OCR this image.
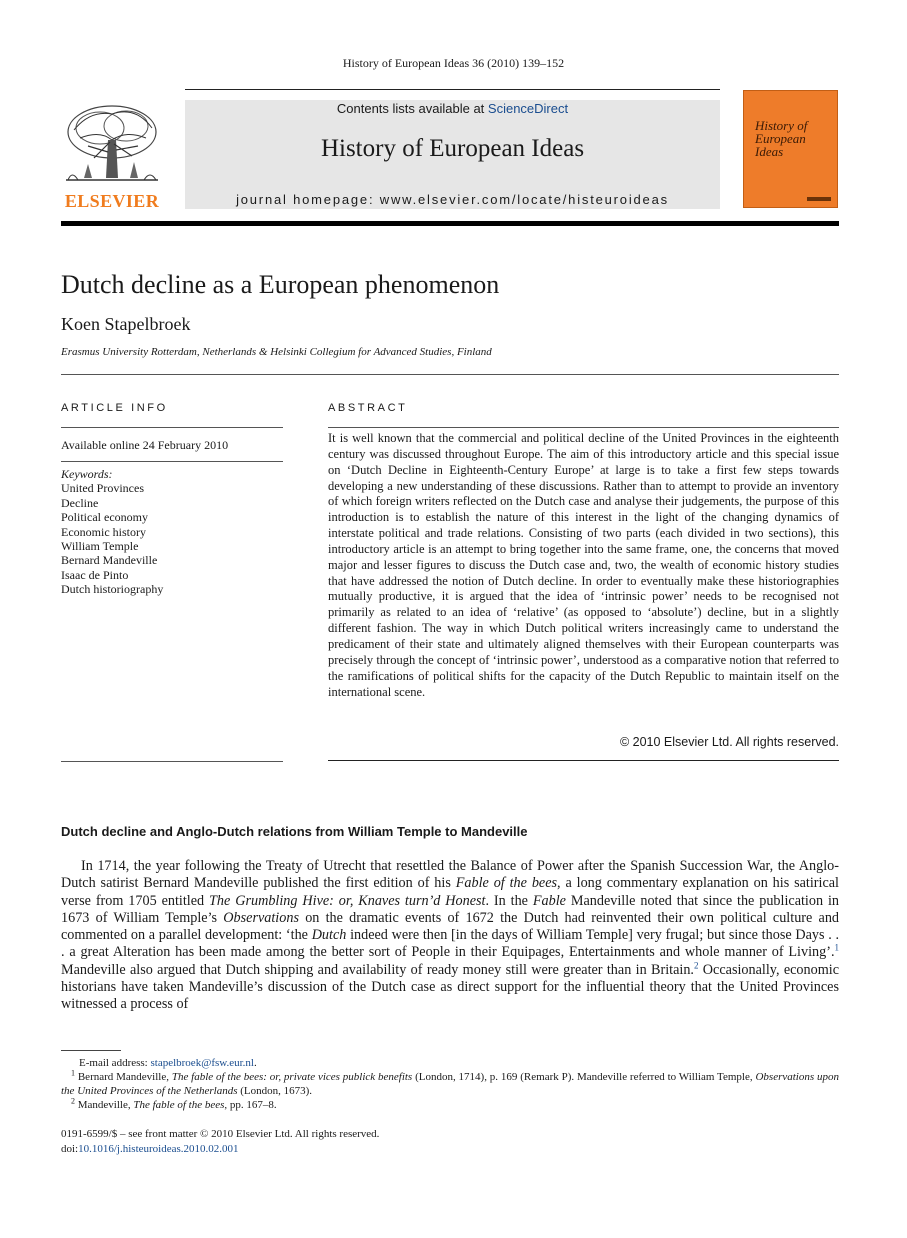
History of European Ideas 36 (2010) 139–152
ELSEVIER
Contents lists available at ScienceDirect
History of European Ideas
journal homepage: www.elsevier.com/locate/histeuroideas
History of
European
Ideas
Dutch decline as a European phenomenon
Koen Stapelbroek
Erasmus University Rotterdam, Netherlands & Helsinki Collegium for Advanced Studies, Finland
ARTICLE INFO
Available online 24 February 2010
Keywords:
United Provinces
Decline
Political economy
Economic history
William Temple
Bernard Mandeville
Isaac de Pinto
Dutch historiography
ABSTRACT
It is well known that the commercial and political decline of the United Provinces in the eighteenth century was discussed throughout Europe. The aim of this introductory article and this special issue on ‘Dutch Decline in Eighteenth-Century Europe’ at large is to take a first few steps towards developing a new understanding of these discussions. Rather than to attempt to provide an inventory of which foreign writers reflected on the Dutch case and analyse their judgements, the purpose of this introduction is to establish the nature of this interest in the light of the changing dynamics of interstate political and trade relations. Consisting of two parts (each divided in two sections), this introductory article is an attempt to bring together into the same frame, one, the concerns that moved major and lesser figures to discuss the Dutch case and, two, the wealth of economic history studies that have addressed the notion of Dutch decline. In order to eventually make these historiographies mutually productive, it is argued that the idea of ‘intrinsic power’ needs to be recognised not primarily as related to an idea of ‘relative’ (as opposed to ‘absolute’) decline, but in a slightly different fashion. The way in which Dutch political writers increasingly came to understand the predicament of their state and ultimately aligned themselves with their European counterparts was precisely through the concept of ‘intrinsic power’, understood as a comparative notion that referred to the ramifications of political shifts for the capacity of the Dutch Republic to maintain itself on the international scene.
© 2010 Elsevier Ltd. All rights reserved.
Dutch decline and Anglo-Dutch relations from William Temple to Mandeville
In 1714, the year following the Treaty of Utrecht that resettled the Balance of Power after the Spanish Succession War, the Anglo-Dutch satirist Bernard Mandeville published the first edition of his Fable of the bees, a long commentary explanation on his satirical verse from 1705 entitled The Grumbling Hive: or, Knaves turn’d Honest. In the Fable Mandeville noted that since the publication in 1673 of William Temple’s Observations on the dramatic events of 1672 the Dutch had reinvented their own political culture and commented on a parallel development: ‘the Dutch indeed were then [in the days of William Temple] very frugal; but since those Days . . . a great Alteration has been made among the better sort of People in their Equipages, Entertainments and whole manner of Living’.$^1$ Mandeville also argued that Dutch shipping and availability of ready money still were greater than in Britain.$^2$ Occasionally, economic historians have taken Mandeville’s discussion of the Dutch case as direct support for the influential theory that the United Provinces witnessed a process of
E-mail address: stapelbroek@fsw.eur.nl.
$^1$ Bernard Mandeville, The fable of the bees: or, private vices publick benefits (London, 1714), p. 169 (Remark P). Mandeville referred to William Temple, Observations upon the United Provinces of the Netherlands (London, 1673).
$^2$ Mandeville, The fable of the bees, pp. 167–8.
0191-6599/$ – see front matter © 2010 Elsevier Ltd. All rights reserved.
doi:10.1016/j.histeuroideas.2010.02.001
